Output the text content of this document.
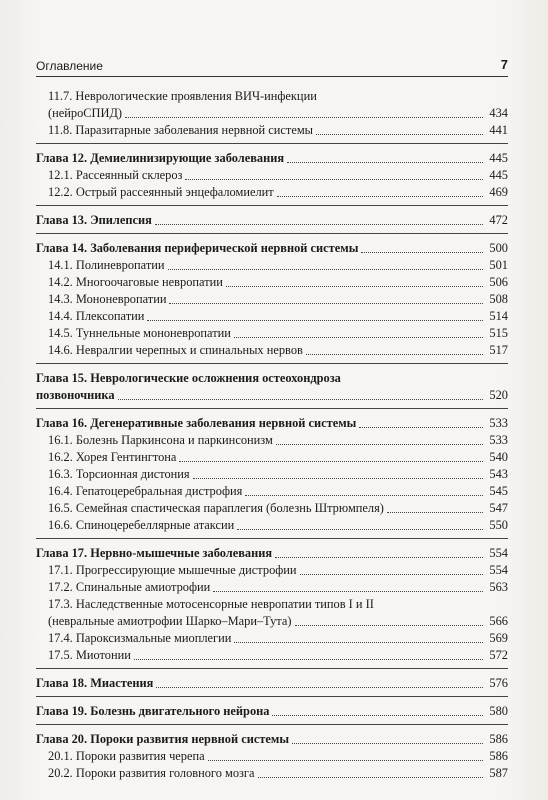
Оглавление	7
11.7. Неврологические проявления ВИЧ-инфекции
(нейроСПИД)	434
11.8. Паразитарные заболевания нервной системы	441
Глава 12. Демиелинизирующие заболевания	445
12.1. Рассеянный склероз	445
12.2. Острый рассеянный энцефаломиелит	469
Глава 13. Эпилепсия	472
Глава 14. Заболевания периферической нервной системы	500
14.1. Полиневропатии	501
14.2. Многоочаговые невропатии	506
14.3. Мононевропатии	508
14.4. Плексопатии	514
14.5. Туннельные мононевропатии	515
14.6. Невралгии черепных и спинальных нервов	517
Глава 15. Неврологические осложнения остеохондроза
позвоночника	520
Глава 16. Дегенеративные заболевания нервной системы	533
16.1. Болезнь Паркинсона и паркинсонизм	533
16.2. Хорея Гентингтона	540
16.3. Торсионная дистония	543
16.4. Гепатоцеребральная дистрофия	545
16.5. Семейная спастическая параплегия (болезнь Штрюмпеля)	547
16.6. Спиноцеребеллярные атаксии	550
Глава 17. Нервно-мышечные заболевания	554
17.1. Прогрессирующие мышечные дистрофии	554
17.2. Спинальные амиотрофии	563
17.3. Наследственные мотосенсорные невропатии типов I и II
(невральные амиотрофии Шарко–Мари–Тута)	566
17.4. Пароксизмальные миоплегии	569
17.5. Миотонии	572
Глава 18. Миастения	576
Глава 19. Болезнь двигательного нейрона	580
Глава 20. Пороки развития нервной системы	586
20.1. Пороки развития черепа	586
20.2. Пороки развития головного мозга	587
